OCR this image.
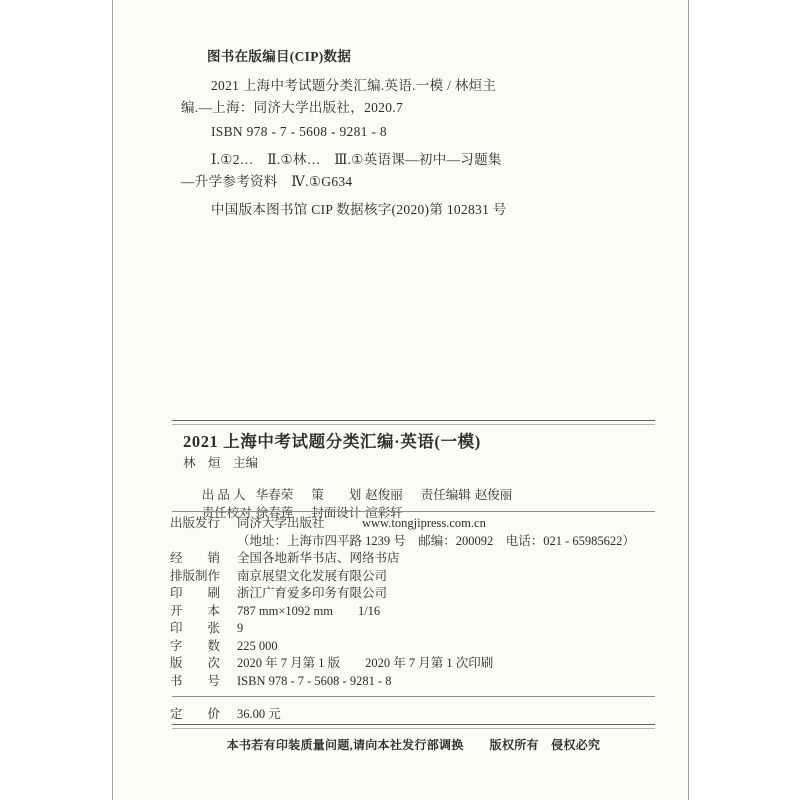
图书在版编目(CIP)数据
2021 上海中考试题分类汇编.英语.一模 / 林烜主
编.—上海：同济大学出版社，2020.7
ISBN 978 - 7 - 5608 - 9281 - 8
Ⅰ.①2…　Ⅱ.①林…　Ⅲ.①英语课—初中—习题集
—升学参考资料　Ⅳ.①G634
中国版本图书馆 CIP 数据核字(2020)第 102831 号
2021 上海中考试题分类汇编·英语(一模)
林　烜　主编

出 品 人 华春荣 策　　划 赵俊丽 责任编辑 赵俊丽

责任校对 徐春莲 封面设计 渲彩轩

出版发行 同济大学出版社　　　www.tongjipress.com.cn
（地址：上海市四平路 1239 号　邮编：200092　电话：021 - 65985622）
经　　销 全国各地新华书店、网络书店
排版制作 南京展望文化发展有限公司
印　　刷 浙江广育爱多印务有限公司
开　　本 787 mm×1092 mm　　1/16
印　　张 9
字　　数 225 000
版　　次 2020 年 7 月第 1 版　　2020 年 7 月第 1 次印刷
书　　号 ISBN 978 - 7 - 5608 - 9281 - 8
定　　价 36.00 元
本书若有印装质量问题,请向本社发行部调换 版权所有　侵权必究
